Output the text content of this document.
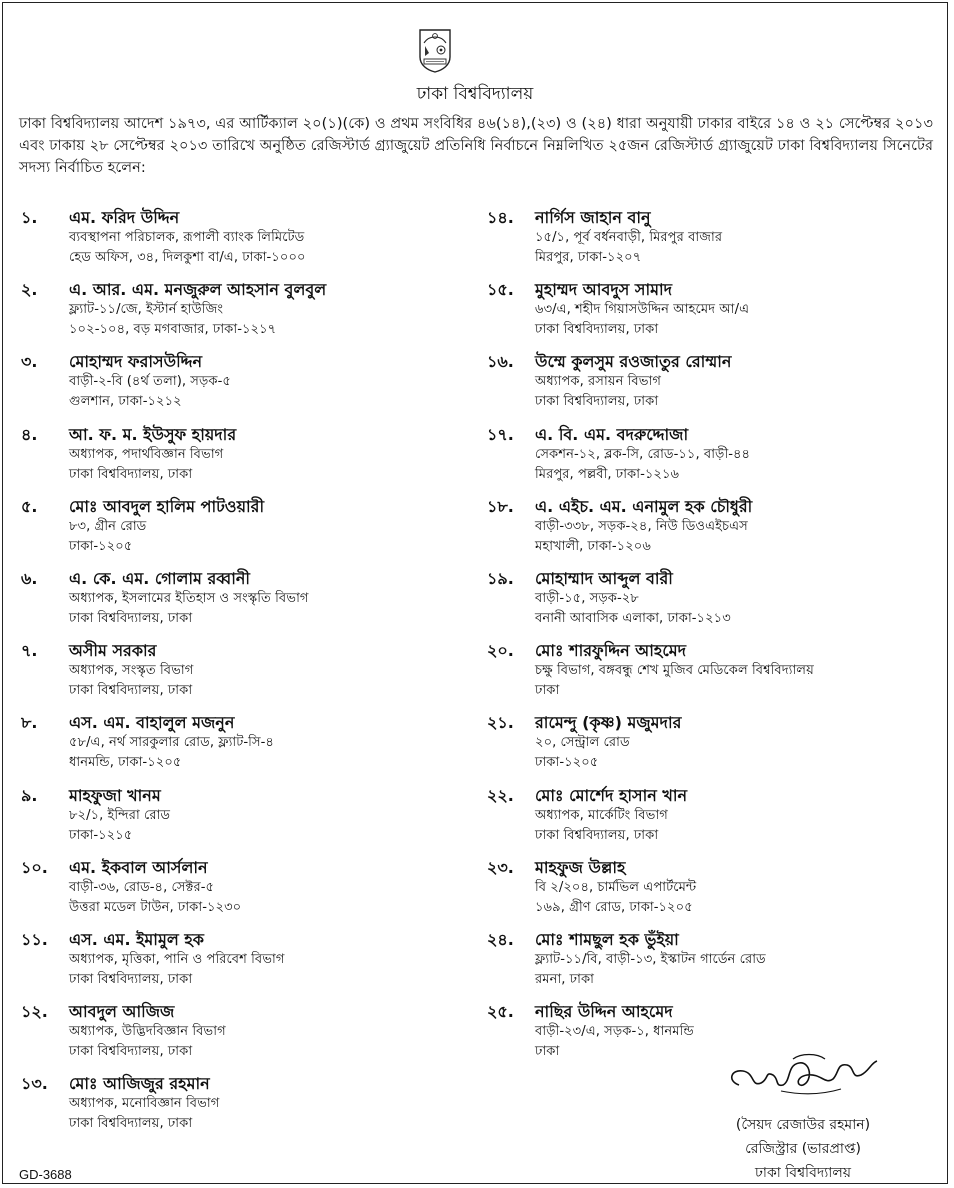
ঢাকা বিশ্ববিদ্যালয়
ঢাকা বিশ্ববিদ্যালয় আদেশ ১৯৭৩, এর আর্টিক্যাল ২০(১)(কে) ও প্রথম সংবিধির ৪৬(১৪),(২৩) ও (২৪) ধারা অনুযায়ী ঢাকার বাইরে ১৪ ও ২১ সেপ্টেম্বর ২০১৩ এবং ঢাকায় ২৮ সেপ্টেম্বর ২০১৩ তারিখে অনুষ্ঠিত রেজিস্টার্ড গ্র্যাজুয়েট প্রতিনিধি নির্বাচনে নিম্নলিখিত ২৫জন রেজিস্টার্ড গ্র্যাজুয়েট ঢাকা বিশ্ববিদ্যালয় সিনেটের সদস্য নির্বাচিত হলেন:
১.	এম. ফরিদ উদ্দিন
ব্যবস্থাপনা পরিচালক, রূপালী ব্যাংক লিমিটেড
হেড অফিস, ৩৪, দিলকুশা বা/এ, ঢাকা-১০০০
২.	এ. আর. এম. মনজুরুল আহসান বুলবুল
ফ্ল্যাট-১১/জে, ইস্টার্ন হাউজিং
১০২-১০৪, বড় মগবাজার, ঢাকা-১২১৭
৩.	মোহাম্মদ ফরাসউদ্দিন
বাড়ী-২-বি (৪র্থ তলা), সড়ক-৫
গুলশান, ঢাকা-১২১২
৪.	আ. ফ. ম. ইউসুফ হায়দার
অধ্যাপক, পদার্থবিজ্ঞান বিভাগ
ঢাকা বিশ্ববিদ্যালয়, ঢাকা
৫.	মোঃ আবদুল হালিম পাটওয়ারী
৮৩, গ্রীন রোড
ঢাকা-১২০৫
৬.	এ. কে. এম. গোলাম রব্বানী
অধ্যাপক, ইসলামের ইতিহাস ও সংস্কৃতি বিভাগ
ঢাকা বিশ্ববিদ্যালয়, ঢাকা
৭.	অসীম সরকার
অধ্যাপক, সংস্কৃত বিভাগ
ঢাকা বিশ্ববিদ্যালয়, ঢাকা
৮.	এস. এম. বাহালুল মজনুন
৫৮/এ, নর্থ সারকুলার রোড, ফ্ল্যাট-সি-৪
ধানমন্ডি, ঢাকা-১২০৫
৯.	মাহফুজা খানম
৮২/১, ইন্দিরা রোড
ঢাকা-১২১৫
১০.	এম. ইকবাল আর্সলান
বাড়ী-৩৬, রোড-৪, সেক্টর-৫
উত্তরা মডেল টাউন, ঢাকা-১২৩০
১১.	এস. এম. ইমামুল হক
অধ্যাপক, মৃত্তিকা, পানি ও পরিবেশ বিভাগ
ঢাকা বিশ্ববিদ্যালয়, ঢাকা
১২.	আবদুল আজিজ
অধ্যাপক, উদ্ভিদবিজ্ঞান বিভাগ
ঢাকা বিশ্ববিদ্যালয়, ঢাকা
১৩.	মোঃ আজিজুর রহমান
অধ্যাপক, মনোবিজ্ঞান বিভাগ
ঢাকা বিশ্ববিদ্যালয়, ঢাকা
১৪.	নার্গিস জাহান বানু
১৫/১, পূর্ব বর্ধনবাড়ী, মিরপুর বাজার
মিরপুর, ঢাকা-১২০৭
১৫.	মুহাম্মদ আবদুস সামাদ
৬৩/এ, শহীদ গিয়াসউদ্দিন আহমেদ আ/এ
ঢাকা বিশ্ববিদ্যালয়, ঢাকা
১৬.	উম্মে কুলসুম রওজাতুর রোম্মান
অধ্যাপক, রসায়ন বিভাগ
ঢাকা বিশ্ববিদ্যালয়, ঢাকা
১৭.	এ. বি. এম. বদরুদ্দোজা
সেকশন-১২, ব্লক-সি, রোড-১১, বাড়ী-৪৪
মিরপুর, পল্লবী, ঢাকা-১২১৬
১৮.	এ. এইচ. এম. এনামুল হক চৌধুরী
বাড়ী-৩৩৮, সড়ক-২৪, নিউ ডিওএইচএস
মহাখালী, ঢাকা-১২০৬
১৯.	মোহাম্মাদ আব্দুল বারী
বাড়ী-১৫, সড়ক-২৮
বনানী আবাসিক এলাকা, ঢাকা-১২১৩
২০.	মোঃ শারফুদ্দিন আহমেদ
চক্ষু বিভাগ, বঙ্গবন্ধু শেখ মুজিব মেডিকেল বিশ্ববিদ্যালয়
ঢাকা
২১.	রামেন্দু (কৃষ্ণ) মজুমদার
২০, সেন্ট্রাল রোড
ঢাকা-১২০৫
২২.	মোঃ মোর্শেদ হাসান খান
অধ্যাপক, মার্কেটিং বিভাগ
ঢাকা বিশ্ববিদ্যালয়, ঢাকা
২৩.	মাহফুজ উল্লাহ
বি ২/২০৪, চার্মভিল এপার্টমেন্ট
১৬৯, গ্রীণ রোড, ঢাকা-১২০৫
২৪.	মোঃ শামছুল হক ভুঁইয়া
ফ্ল্যাট-১১/বি, বাড়ী-১৩, ইস্কাটন গার্ডেন রোড
রমনা, ঢাকা
২৫.	নাছির উদ্দিন আহমেদ
বাড়ী-২৩/এ, সড়ক-১, ধানমন্ডি
ঢাকা
(সৈয়দ রেজাউর রহমান)
রেজিস্ট্রার (ভারপ্রাপ্ত)
ঢাকা বিশ্ববিদ্যালয়
GD-3688
